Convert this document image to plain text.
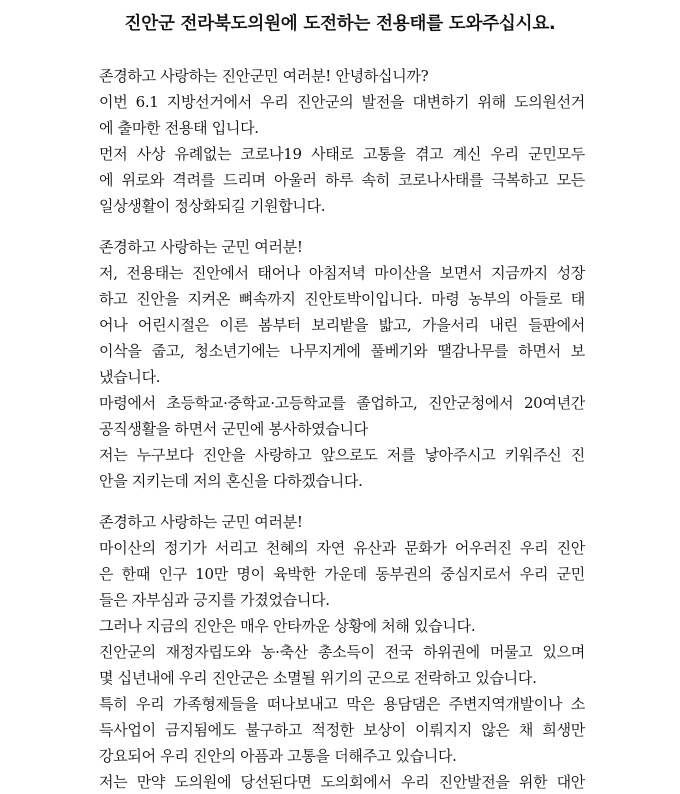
진안군 전라북도의원에 도전하는 전용태를 도와주십시요.
존경하고 사랑하는 진안군민 여러분! 안녕하십니까?
이번 6.1 지방선거에서 우리 진안군의 발전을 대변하기 위해 도의원선거
에 출마한 전용태 입니다.
먼저 사상 유례없는 코로나19 사태로 고통을 겪고 계신 우리 군민모두
에 위로와 격려를 드리며 아울러 하루 속히 코로나사태를 극복하고 모든
일상생활이 정상화되길 기원합니다.
존경하고 사랑하는 군민 여러분!
저, 전용태는 진안에서 태어나 아침저녁 마이산을 보면서 지금까지 성장
하고 진안을 지켜온 뼈속까지 진안토박이입니다. 마령 농부의 아들로 태
어나 어린시절은 이른 봄부터 보리밭을 밟고, 가을서리 내린 들판에서
이삭을 줍고, 청소년기에는 나무지게에 풀베기와 땔감나무를 하면서 보
냈습니다.
마령에서 초등학교·중학교·고등학교를 졸업하고, 진안군청에서 20여년간
공직생활을 하면서 군민에 봉사하였습니다
저는 누구보다 진안을 사랑하고 앞으로도 저를 낳아주시고 키워주신 진
안을 지키는데 저의 혼신을 다하겠습니다.
존경하고 사랑하는 군민 여러분!
마이산의 정기가 서리고 천혜의 자연 유산과 문화가 어우러진 우리 진안
은 한때 인구 10만 명이 육박한 가운데 동부권의 중심지로서 우리 군민
들은 자부심과 긍지를 가졌었습니다.
그러나 지금의 진안은 매우 안타까운 상황에 처해 있습니다.
진안군의 재정자립도와 농·축산 총소득이 전국 하위권에 머물고 있으며
몇 십년내에 우리 진안군은 소멸될 위기의 군으로 전락하고 있습니다.
특히 우리 가족형제들을 떠나보내고 막은 용담댐은 주변지역개발이나 소
득사업이 금지됨에도 불구하고 적정한 보상이 이뤄지지 않은 채 희생만
강요되어 우리 진안의 아픔과 고통을 더해주고 있습니다.
저는 만약 도의원에 당선된다면 도의회에서 우리 진안발전을 위한 대안
